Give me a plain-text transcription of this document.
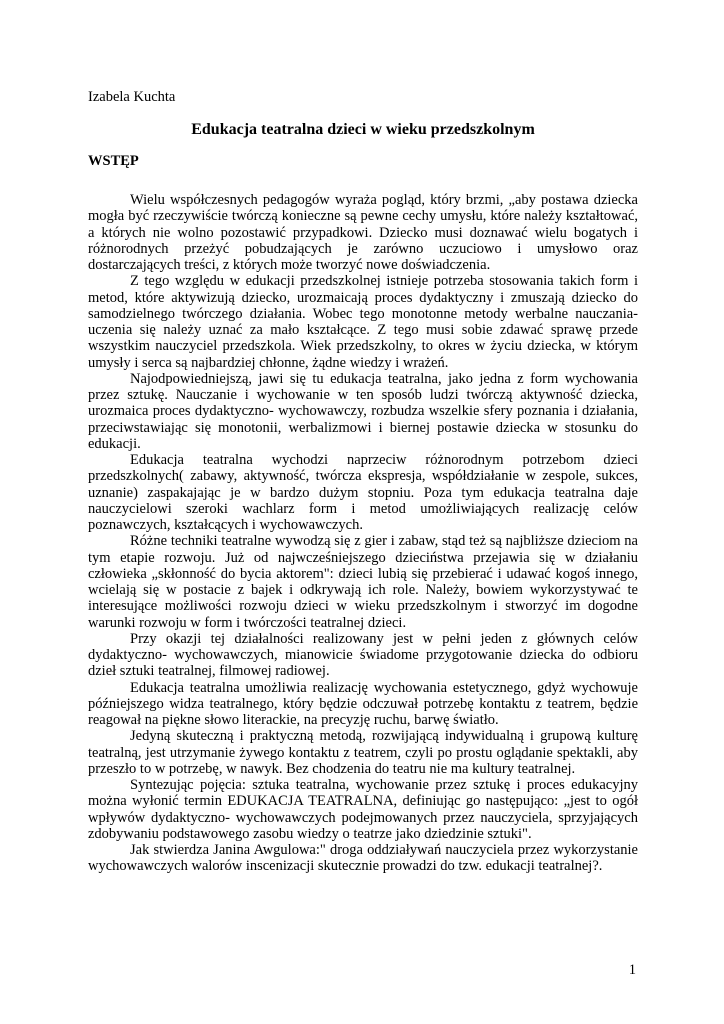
Izabela Kuchta
Edukacja teatralna dzieci w wieku przedszkolnym
WSTĘP

Wielu współczesnych pedagogów wyraża pogląd, który brzmi, „aby postawa dziecka mogła być rzeczywiście twórczą konieczne są pewne cechy umysłu, które należy kształtować, a których nie wolno pozostawić przypadkowi. Dziecko musi doznawać wielu bogatych i różnorodnych przeżyć pobudzających je zarówno uczuciowo i umysłowo oraz dostarczających treści, z których może tworzyć nowe doświadczenia.

Z tego względu w edukacji przedszkolnej istnieje potrzeba stosowania takich form i metod, które aktywizują dziecko, urozmaicają proces dydaktyczny i zmuszają dziecko do samodzielnego twórczego działania. Wobec tego monotonne metody werbalne nauczania-uczenia się należy uznać za mało kształcące. Z tego musi sobie zdawać sprawę przede wszystkim nauczyciel przedszkola. Wiek przedszkolny, to okres w życiu dziecka, w którym umysły i serca są najbardziej chłonne, żądne wiedzy i wrażeń.

Najodpowiedniejszą, jawi się tu edukacja teatralna, jako jedna z form wychowania przez sztukę. Nauczanie i wychowanie w ten sposób ludzi twórczą aktywność dziecka, urozmaica proces dydaktyczno- wychowawczy, rozbudza wszelkie sfery poznania i działania, przeciwstawiając się monotonii, werbalizmowi i biernej postawie dziecka w stosunku do edukacji.

Edukacja teatralna wychodzi naprzeciw różnorodnym potrzebom dzieci przedszkolnych( zabawy, aktywność, twórcza ekspresja, współdziałanie w zespole, sukces, uznanie) zaspakajając je w bardzo dużym stopniu. Poza tym edukacja teatralna daje nauczycielowi szeroki wachlarz form i metod umożliwiających realizację celów poznawczych, kształcących i wychowawczych.

Różne techniki teatralne wywodzą się z gier i zabaw, stąd też są najbliższe dzieciom na tym etapie rozwoju. Już od najwcześniejszego dzieciństwa przejawia się w działaniu człowieka „skłonność do bycia aktorem": dzieci lubią się przebierać i udawać kogoś innego, wcielają się w postacie z bajek i odkrywają ich role. Należy, bowiem wykorzystywać te interesujące możliwości rozwoju dzieci w wieku przedszkolnym i stworzyć im dogodne warunki rozwoju w form i twórczości teatralnej dzieci.

Przy okazji tej działalności realizowany jest w pełni jeden z głównych celów dydaktyczno- wychowawczych, mianowicie świadome przygotowanie dziecka do odbioru dzieł sztuki teatralnej, filmowej radiowej.

Edukacja teatralna umożliwia realizację wychowania estetycznego, gdyż wychowuje późniejszego widza teatralnego, który będzie odczuwał potrzebę kontaktu z teatrem, będzie reagował na piękne słowo literackie, na precyzję ruchu, barwę światło.

Jedyną skuteczną i praktyczną metodą, rozwijającą indywidualną i grupową kulturę teatralną, jest utrzymanie żywego kontaktu z teatrem, czyli po prostu oglądanie spektakli, aby przeszło to w potrzebę, w nawyk. Bez chodzenia do teatru nie ma kultury teatralnej.

Syntezując pojęcia: sztuka teatralna, wychowanie przez sztukę i proces edukacyjny można wyłonić termin EDUKACJA TEATRALNA, definiując go następująco: „jest to ogół wpływów dydaktyczno- wychowawczych podejmowanych przez nauczyciela, sprzyjających zdobywaniu podstawowego zasobu wiedzy o teatrze jako dziedzinie sztuki".

Jak stwierdza Janina Awgulowa:" droga oddziaływań nauczyciela przez wykorzystanie wychowawczych walorów inscenizacji skutecznie prowadzi do tzw. edukacji teatralnej?.

1
